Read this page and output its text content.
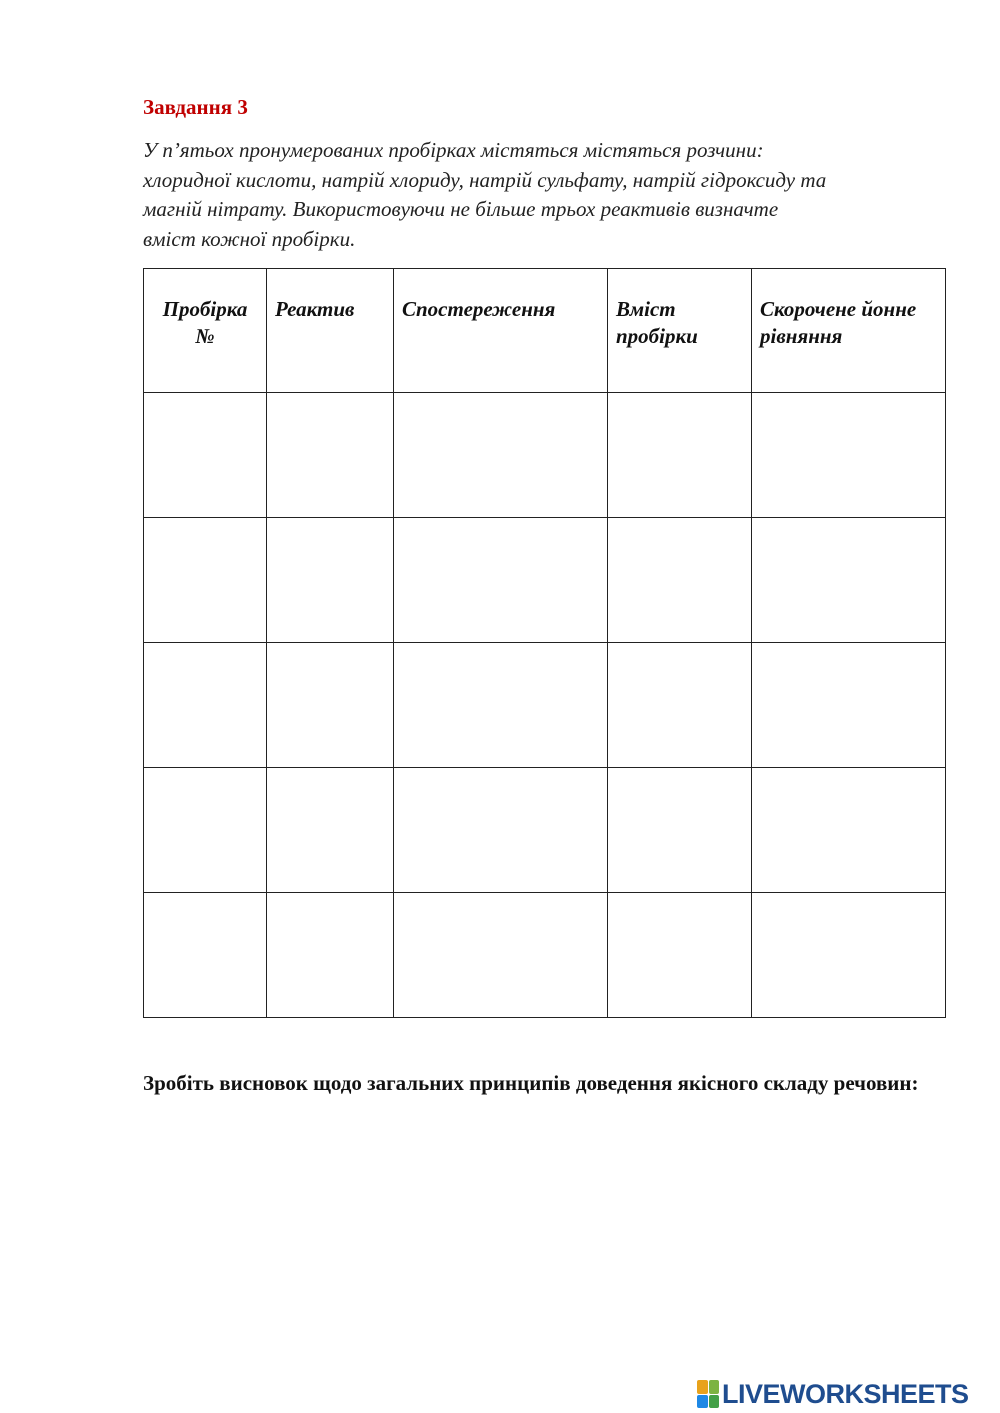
Завдання 3

У п’ятьох пронумерованих пробірках містяться містяться розчини:
хлоридної кислоти, натрій хлориду, натрій сульфату, натрій гідроксиду та
магній нітрату. Використовуючи не більше трьох реактивів визначте
вміст кожної пробірки.

Пробірка №	Реактив	Спостереження	Вміст пробірки	Скорочене йонне рівняння

Зробіть висновок щодо загальних принципів доведення якісного складу речовин:

LIVEWORKSHEETS
